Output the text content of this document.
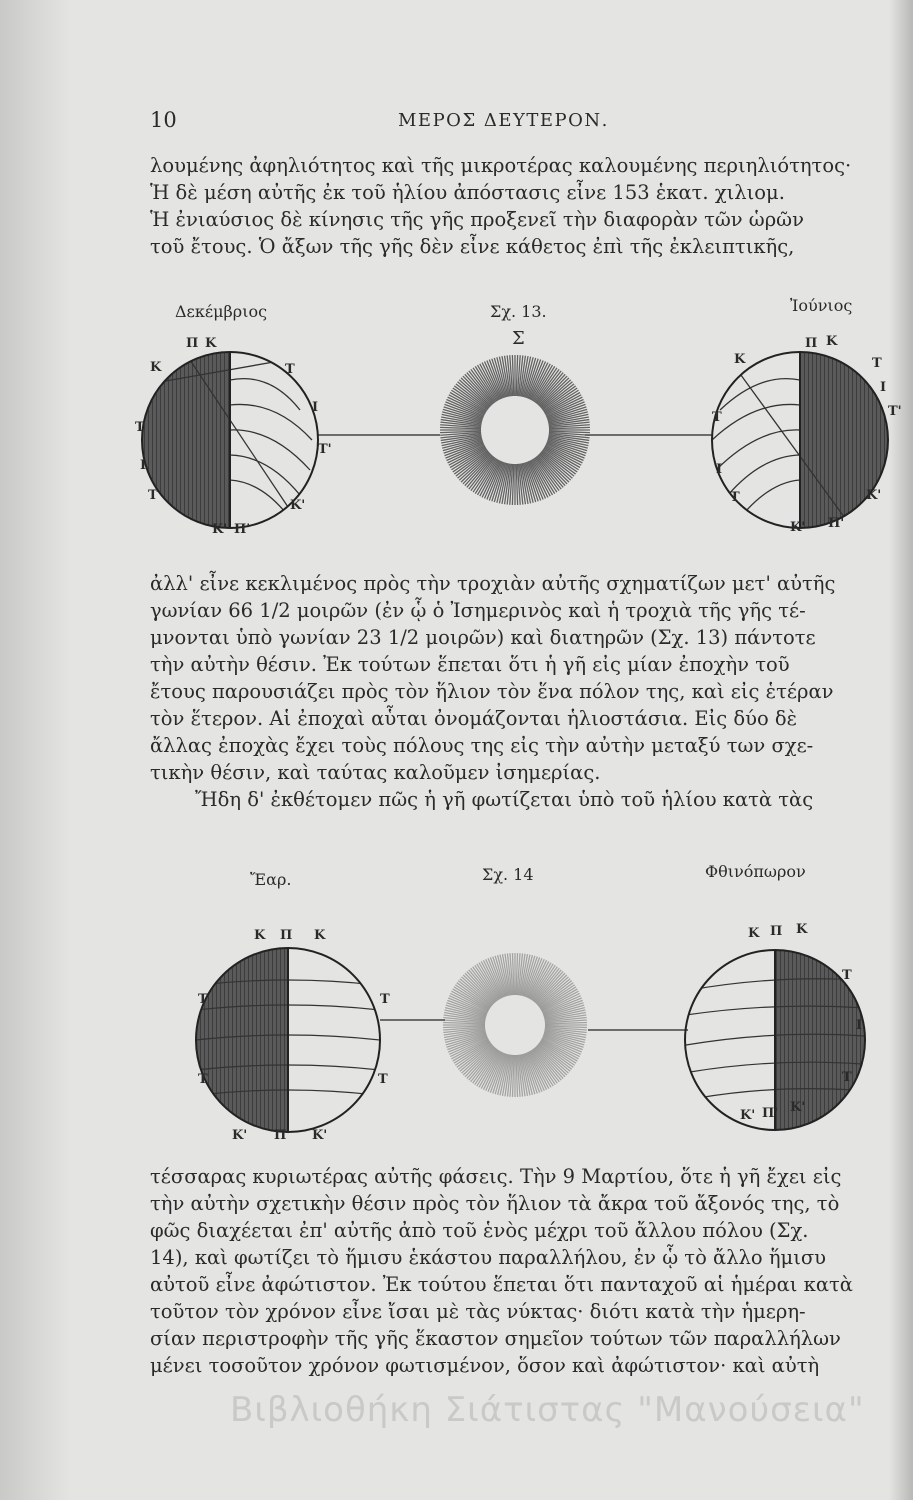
10	ΜΕΡΟΣ ΔΕΥΤΕΡΟΝ.

λουμένης ἀφηλιότητος καὶ τῆς μικροτέρας καλουμένης περιηλιότητος·

Ἡ δὲ μέση αὐτῆς ἐκ τοῦ ἡλίου ἀπόστασις εἶνε 153 ἑκατ. χιλιομ.

Ἡ ἐνιαύσιος δὲ κίνησις τῆς γῆς προξενεῖ τὴν διαφορὰν τῶν ὡρῶν

τοῦ ἔτους. Ὁ ἄξων τῆς γῆς δὲν εἶνε κάθετος ἐπὶ τῆς ἐκλειπτικῆς,

Δεκέμβριος	Σχ. 13.	Ἰούνιος
Σ
Π Κ
Κ	Τ
Τ
Ι
Ι
Τ
Τ'
Κ'
Κ' Π'
Π Κ
Κ	Τ
Τ
Ι
Ι
Τ
Τ'
Κ'
Κ' Π'

ἀλλ' εἶνε κεκλιμένος πρὸς τὴν τροχιὰν αὐτῆς σχηματίζων μετ' αὐτῆς

γωνίαν 66 1/2 μοιρῶν (ἐν ᾧ ὁ Ἰσημερινὸς καὶ ἡ τροχιὰ τῆς γῆς τέ-

μνονται ὑπὸ γωνίαν 23 1/2 μοιρῶν) καὶ διατηρῶν (Σχ. 13) πάντοτε

τὴν αὐτὴν θέσιν. Ἐκ τούτων ἕπεται ὅτι ἡ γῆ εἰς μίαν ἐποχὴν τοῦ

ἔτους παρουσιάζει πρὸς τὸν ἥλιον τὸν ἕνα πόλον της, καὶ εἰς ἑτέραν

τὸν ἕτερον. Αἱ ἐποχαὶ αὗται ὀνομάζονται ἡλιοστάσια. Εἰς δύο δὲ

ἄλλας ἐποχὰς ἔχει τοὺς πόλους της εἰς τὴν αὐτὴν μεταξύ των σχε-

τικὴν θέσιν, καὶ ταύτας καλοῦμεν ἰσημερίας.

Ἤδη δ' ἐκθέτομεν πῶς ἡ γῆ φωτίζεται ὑπὸ τοῦ ἡλίου κατὰ τὰς

Ἔαρ.	Σχ. 14	Φθινόπωρον
Κ Π Κ
Τ	Τ
Τ	Τ
Κ' Π' Κ'
Κ Π Κ
Τ
Ι
Τ
Κ' Π' Κ'

τέσσαρας κυριωτέρας αὐτῆς φάσεις. Τὴν 9 Μαρτίου, ὅτε ἡ γῆ ἔχει εἰς

τὴν αὐτὴν σχετικὴν θέσιν πρὸς τὸν ἥλιον τὰ ἄκρα τοῦ ἄξονός της, τὸ

φῶς διαχέεται ἐπ' αὐτῆς ἀπὸ τοῦ ἑνὸς μέχρι τοῦ ἄλλου πόλου (Σχ.

14), καὶ φωτίζει τὸ ἥμισυ ἑκάστου παραλλήλου, ἐν ᾧ τὸ ἄλλο ἥμισυ

αὐτοῦ εἶνε ἀφώτιστον. Ἐκ τούτου ἕπεται ὅτι πανταχοῦ αἱ ἡμέραι κατὰ

τοῦτον τὸν χρόνον εἶνε ἴσαι μὲ τὰς νύκτας· διότι κατὰ τὴν ἡμερη-

σίαν περιστροφὴν τῆς γῆς ἕκαστον σημεῖον τούτων τῶν παραλλήλων

μένει τοσοῦτον χρόνον φωτισμένον, ὅσον καὶ ἀφώτιστον· καὶ αὐτὴ

Βιβλιοθήκη Σιάτιστας "Μανούσεια"
